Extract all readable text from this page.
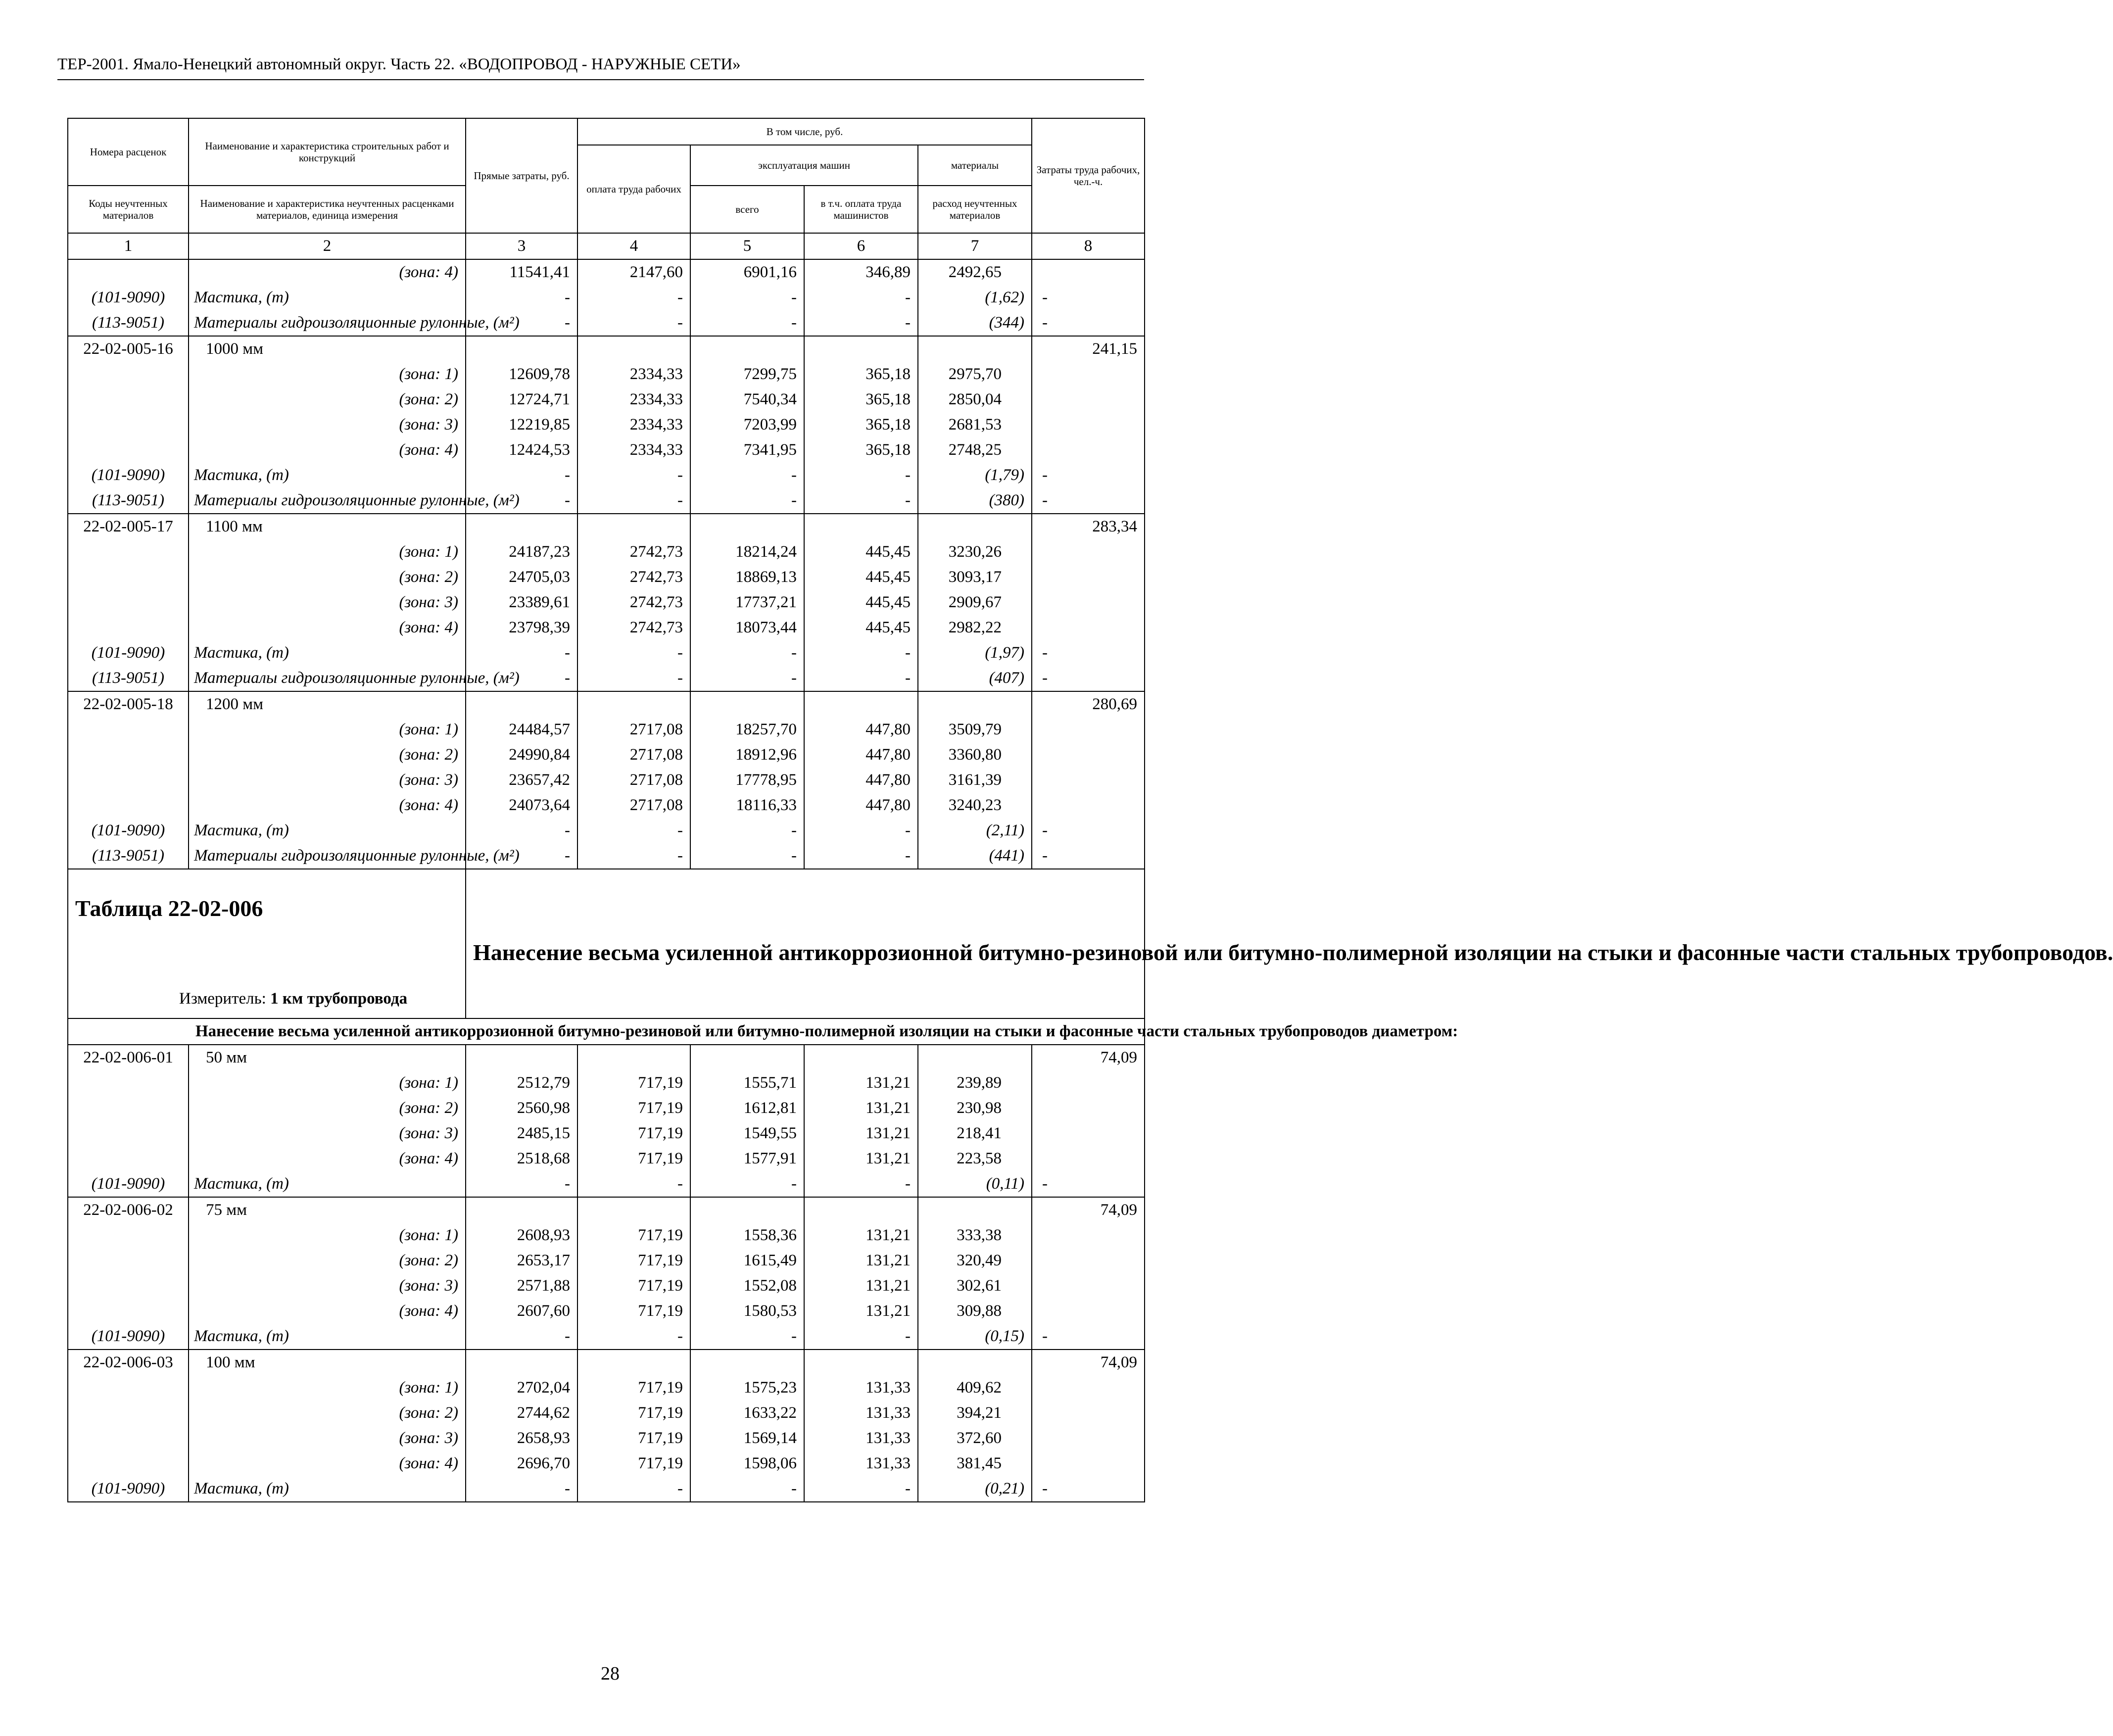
ТЕР-2001. Ямало-Ненецкий автономный округ. Часть 22. «ВОДОПРОВОД - НАРУЖНЫЕ СЕТИ»
Номера расценок	Наименование и характеристика строительных работ и конструкций	Прямые затраты, руб.	В том числе, руб.				Затраты труда рабочих, чел.-ч.
			оплата труда рабочих	эксплуатация машин		материалы	
Коды неучтенных материалов	Наименование и характеристика неучтенных расценками материалов, единица измерения			всего	в т.ч. оплата труда машинистов	расход неучтенных материалов	
1	2	3	4	5	6	7	8
	(зона: 4)	11541,41	2147,60	6901,16	346,89	2492,65	
(101-9090)	Мастика, (т)	-	-	-	-	(1,62)	-
(113-9051)	Материалы гидроизоляционные рулонные, (м²)	-	-	-	-	(344)	-
22-02-005-16	1000 мм						241,15
	(зона: 1)	12609,78	2334,33	7299,75	365,18	2975,70	
	(зона: 2)	12724,71	2334,33	7540,34	365,18	2850,04	
	(зона: 3)	12219,85	2334,33	7203,99	365,18	2681,53	
	(зона: 4)	12424,53	2334,33	7341,95	365,18	2748,25	
(101-9090)	Мастика, (т)	-	-	-	-	(1,79)	-
(113-9051)	Материалы гидроизоляционные рулонные, (м²)	-	-	-	-	(380)	-
22-02-005-17	1100 мм						283,34
	(зона: 1)	24187,23	2742,73	18214,24	445,45	3230,26	
	(зона: 2)	24705,03	2742,73	18869,13	445,45	3093,17	
	(зона: 3)	23389,61	2742,73	17737,21	445,45	2909,67	
	(зона: 4)	23798,39	2742,73	18073,44	445,45	2982,22	
(101-9090)	Мастика, (т)	-	-	-	-	(1,97)	-
(113-9051)	Материалы гидроизоляционные рулонные, (м²)	-	-	-	-	(407)	-
22-02-005-18	1200 мм						280,69
	(зона: 1)	24484,57	2717,08	18257,70	447,80	3509,79	
	(зона: 2)	24990,84	2717,08	18912,96	447,80	3360,80	
	(зона: 3)	23657,42	2717,08	17778,95	447,80	3161,39	
	(зона: 4)	24073,64	2717,08	18116,33	447,80	3240,23	
(101-9090)	Мастика, (т)	-	-	-	-	(2,11)	-
(113-9051)	Материалы гидроизоляционные рулонные, (м²)	-	-	-	-	(441)	-

Таблица 22-02-006
Измеритель: 1 км трубопровода		Нанесение весьма усиленной антикоррозионной битумно-резиновой или битумно-полимерной изоляции на стыки и фасонные части стальных трубопроводов.					

	Нанесение весьма усиленной антикоррозионной битумно-резиновой или битумно-полимерной изоляции на стыки и фасонные части стальных трубопроводов диаметром:						

22-02-006-01	50 мм						74,09
	(зона: 1)	2512,79	717,19	1555,71	131,21	239,89	
	(зона: 2)	2560,98	717,19	1612,81	131,21	230,98	
	(зона: 3)	2485,15	717,19	1549,55	131,21	218,41	
	(зона: 4)	2518,68	717,19	1577,91	131,21	223,58	
(101-9090)	Мастика, (т)	-	-	-	-	(0,11)	-
22-02-006-02	75 мм						74,09
	(зона: 1)	2608,93	717,19	1558,36	131,21	333,38	
	(зона: 2)	2653,17	717,19	1615,49	131,21	320,49	
	(зона: 3)	2571,88	717,19	1552,08	131,21	302,61	
	(зона: 4)	2607,60	717,19	1580,53	131,21	309,88	
(101-9090)	Мастика, (т)	-	-	-	-	(0,15)	-
22-02-006-03	100 мм						74,09
	(зона: 1)	2702,04	717,19	1575,23	131,33	409,62	
	(зона: 2)	2744,62	717,19	1633,22	131,33	394,21	
	(зона: 3)	2658,93	717,19	1569,14	131,33	372,60	
	(зона: 4)	2696,70	717,19	1598,06	131,33	381,45	
(101-9090)	Мастика, (т)	-	-	-	-	(0,21)	-
28
